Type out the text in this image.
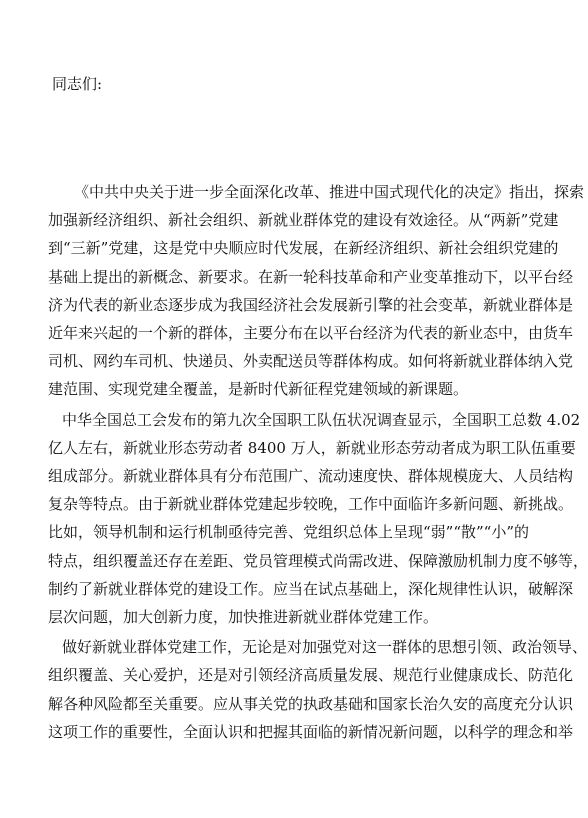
同志们:

《中共中央关于进一步全面深化改革、推进中国式现代化的决定》指出，探索
加强新经济组织、新社会组织、新就业群体党的建设有效途径。从“两新”党建
到“三新”党建，这是党中央顺应时代发展，在新经济组织、新社会组织党建的
基础上提出的新概念、新要求。在新一轮科技革命和产业变革推动下，以平台经
济为代表的新业态逐步成为我国经济社会发展新引擎的社会变革，新就业群体是
近年来兴起的一个新的群体，主要分布在以平台经济为代表的新业态中，由货车
司机、网约车司机、快递员、外卖配送员等群体构成。如何将新就业群体纳入党
建范围、实现党建全覆盖，是新时代新征程党建领域的新课题。

中华全国总工会发布的第九次全国职工队伍状况调查显示，全国职工总数 4.02
亿人左右，新就业形态劳动者 8400 万人，新就业形态劳动者成为职工队伍重要
组成部分。新就业群体具有分布范围广、流动速度快、群体规模庞大、人员结构
复杂等特点。由于新就业群体党建起步较晚，工作中面临许多新问题、新挑战。
比如，领导机制和运行机制亟待完善、党组织总体上呈现“弱”“散”“小”的
特点，组织覆盖还存在差距、党员管理模式尚需改进、保障激励机制力度不够等，
制约了新就业群体党的建设工作。应当在试点基础上，深化规律性认识，破解深
层次问题，加大创新力度，加快推进新就业群体党建工作。

做好新就业群体党建工作，无论是对加强党对这一群体的思想引领、政治领导、
组织覆盖、关心爱护，还是对引领经济高质量发展、规范行业健康成长、防范化
解各种风险都至关重要。应从事关党的执政基础和国家长治久安的高度充分认识
这项工作的重要性，全面认识和把握其面临的新情况新问题，以科学的理念和举
